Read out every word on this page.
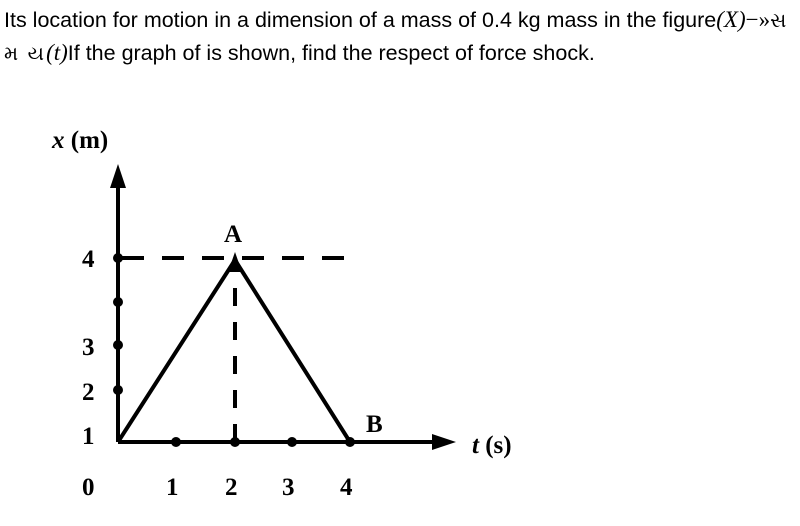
Its location for motion in a dimension of a mass of 0.4 kg mass in the figure(X)−»સ મ ય(t)If the graph of is shown, find the respect of force shock.
x (m)
t (s)
4
3
2
1
0	1 2 3 4
A
B
